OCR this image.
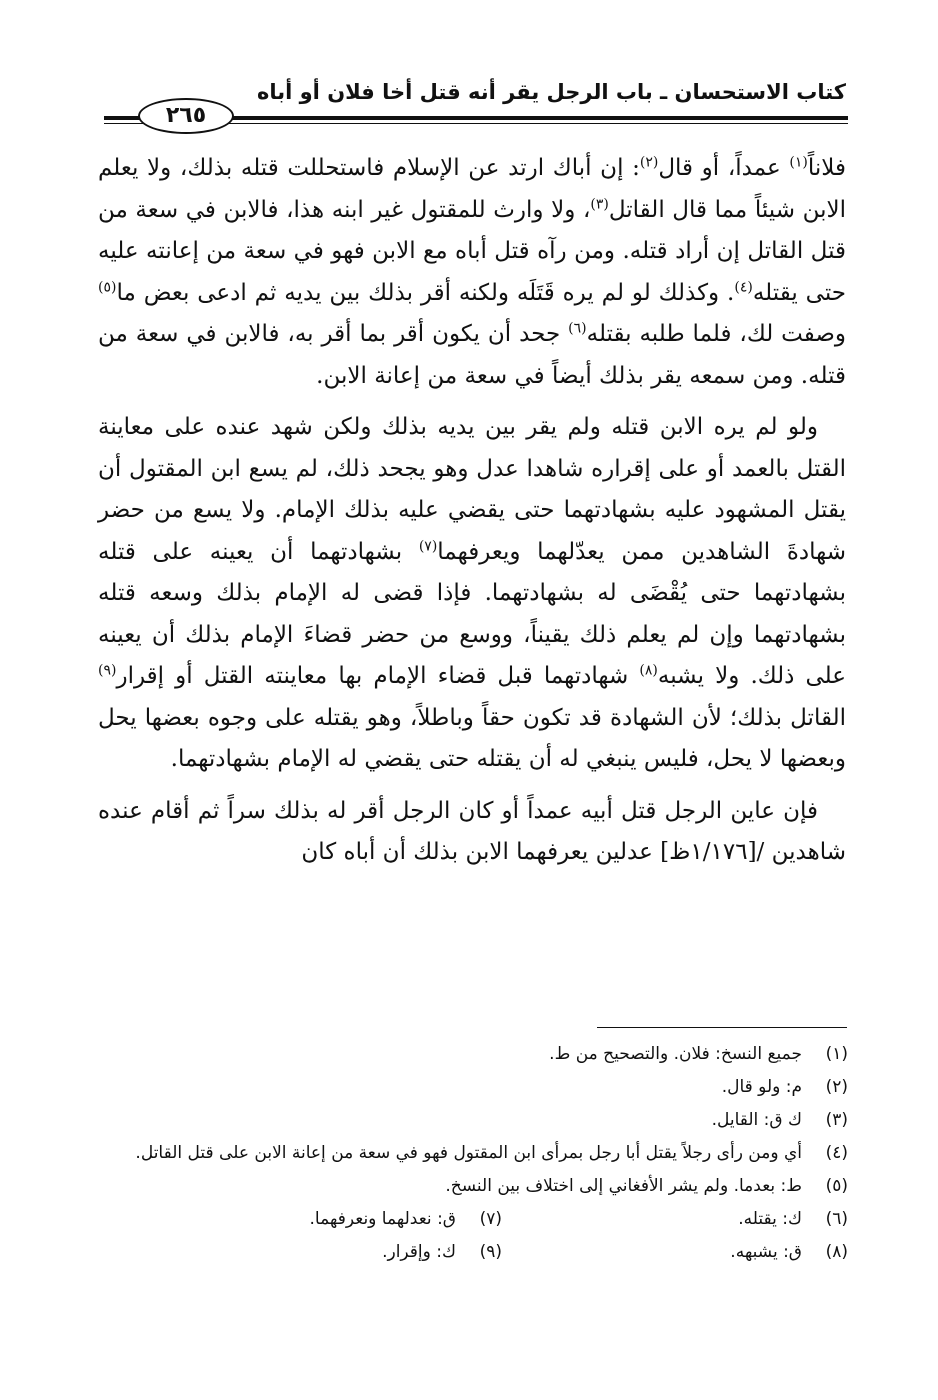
كتاب الاستحسان ـ باب الرجل يقر أنه قتل أخا فلان أو أباه
٢٦٥

فلاناً$^{(١)}$ عمداً، أو قال$^{(٢)}$: إن أباك ارتد عن الإسلام فاستحللت قتله بذلك، ولا يعلم الابن شيئاً مما قال القاتل$^{(٣)}$، ولا وارث للمقتول غير ابنه هذا، فالابن في سعة من قتل القاتل إن أراد قتله. ومن رآه قتل أباه مع الابن فهو في سعة من إعانته عليه حتى يقتله$^{(٤)}$. وكذلك لو لم يره قَتَلَه ولكنه أقر بذلك بين يديه ثم ادعى بعض ما$^{(٥)}$ وصفت لك، فلما طلبه بقتله$^{(٦)}$ جحد أن يكون أقر بما أقر به، فالابن في سعة من قتله. ومن سمعه يقر بذلك أيضاً في سعة من إعانة الابن.

ولو لم يره الابن قتله ولم يقر بين يديه بذلك ولكن شهد عنده على معاينة القتل بالعمد أو على إقراره شاهدا عدل وهو يجحد ذلك، لم يسع ابن المقتول أن يقتل المشهود عليه بشهادتهما حتى يقضي عليه بذلك الإمام. ولا يسع من حضر شهادةَ الشاهدين ممن يعدّلهما ويعرفهما$^{(٧)}$ بشهادتهما أن يعينه على قتله بشهادتهما حتى يُقْضَى له بشهادتهما. فإذا قضى له الإمام بذلك وسعه قتله بشهادتهما وإن لم يعلم ذلك يقيناً، ووسع من حضر قضاءَ الإمام بذلك أن يعينه على ذلك. ولا يشبه$^{(٨)}$ شهادتهما قبل قضاء الإمام بها معاينته القتل أو إقرار$^{(٩)}$ القاتل بذلك؛ لأن الشهادة قد تكون حقاً وباطلاً، وهو يقتله على وجوه بعضها يحل وبعضها لا يحل، فليس ينبغي له أن يقتله حتى يقضي له الإمام بشهادتهما.

فإن عاين الرجل قتل أبيه عمداً أو كان الرجل أقر له بذلك سراً ثم أقام عنده شاهدين /[١/١٧٦ظ] عدلين يعرفهما الابن بذلك أن أباه كان

(١)
جميع النسخ: فلان. والتصحيح من ط.
(٢)
م: ولو قال.
(٣)
ك ق: القايل.
(٤)
أي ومن رأى رجلاً يقتل أبا رجل بمرأى ابن المقتول فهو في سعة من إعانة الابن على قتل القاتل.
(٥)
ط: بعدما. ولم يشر الأفغاني إلى اختلاف بين النسخ.
(٦)
ك: يقتله.
(٧)
ق: نعدلهما ونعرفهما.
(٨)
ق: يشبهه.
(٩)
ك: وإقرار.
